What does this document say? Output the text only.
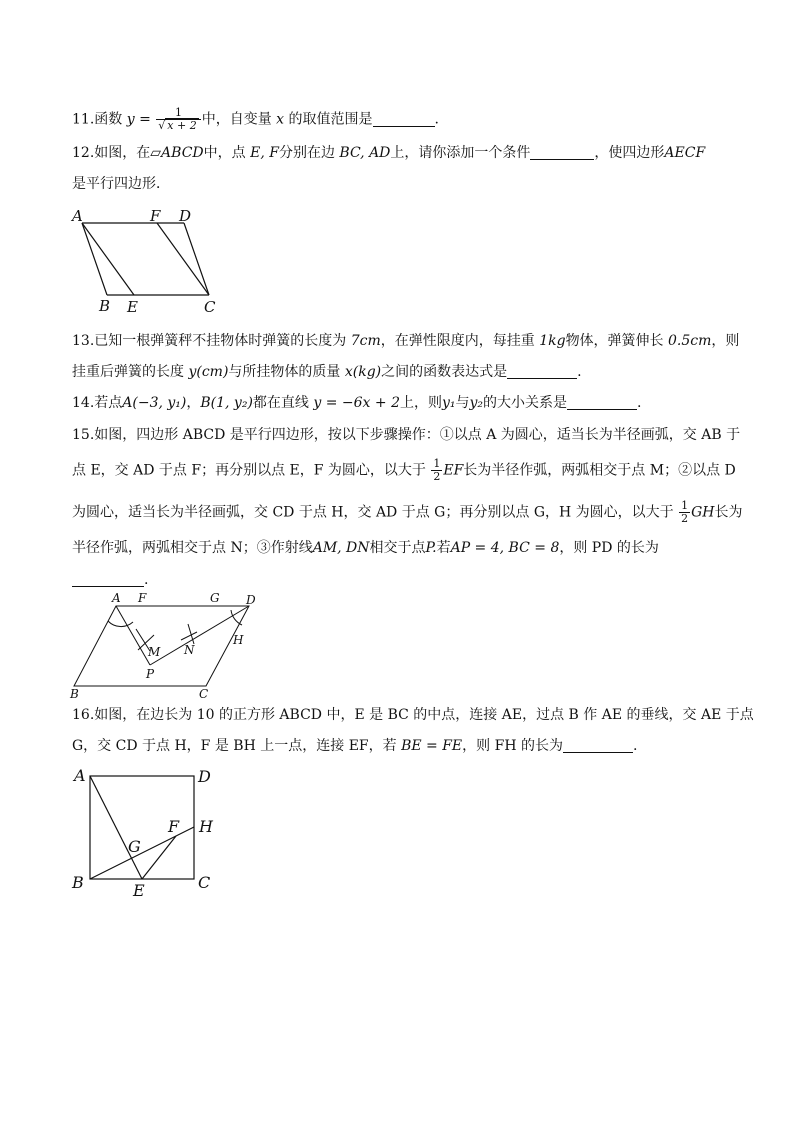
11.函数 $y = \frac{1}{√ x + 2}$ 中，自变量 x 的取值范围是	.
12.如图，在▱ABCD中，点 E, F分别在边 BC, AD上，请你添加一个条件	，使四边形AECF
是平行四边形．
A	F D
B E	C
13.已知一根弹簧秤不挂物体时弹簧的长度为 7cm，在弹性限度内，每挂重 1kg物体，弹簧伸长 0.5cm，则
挂重后弹簧的长度 y(cm)与所挂物体的质量 x(kg)之间的函数表达式是	.
14.若点A(−3, y₁)，B(1, y₂)都在直线 y = −6x + 2上，则y₁与y₂的大小关系是	.
15.如图，四边形 ABCD 是平行四边形，按以下步骤操作：①以点 A 为圆心，适当长为半径画弧，交 AB 于
点 E，交 AD 于点 F；再分别以点 E，F 为圆心，以大于 $\frac{1}{2}$ EF长为半径作弧，两弧相交于点 M；②以点 D
为圆心，适当长为半径画弧，交 CD 于点 H，交 AD 于点 G；再分别以点 G，H 为圆心，以大于 $\frac{1}{2}$ GH长为
半径作弧，两弧相交于点 N；③作射线AM, DN相交于点P.若AP = 4, BC = 8，则 PD 的长为
.
A F	G D
M N
H
P
B	C
16.如图，在边长为 10 的正方形 ABCD 中，E 是 BC 的中点，连接 AE，过点 B 作 AE 的垂线，交 AE 于点
G，交 CD 于点 H，F 是 BH 上一点，连接 EF，若 BE = FE，则 FH 的长为	.
A	D
F H
G
B	E	C
